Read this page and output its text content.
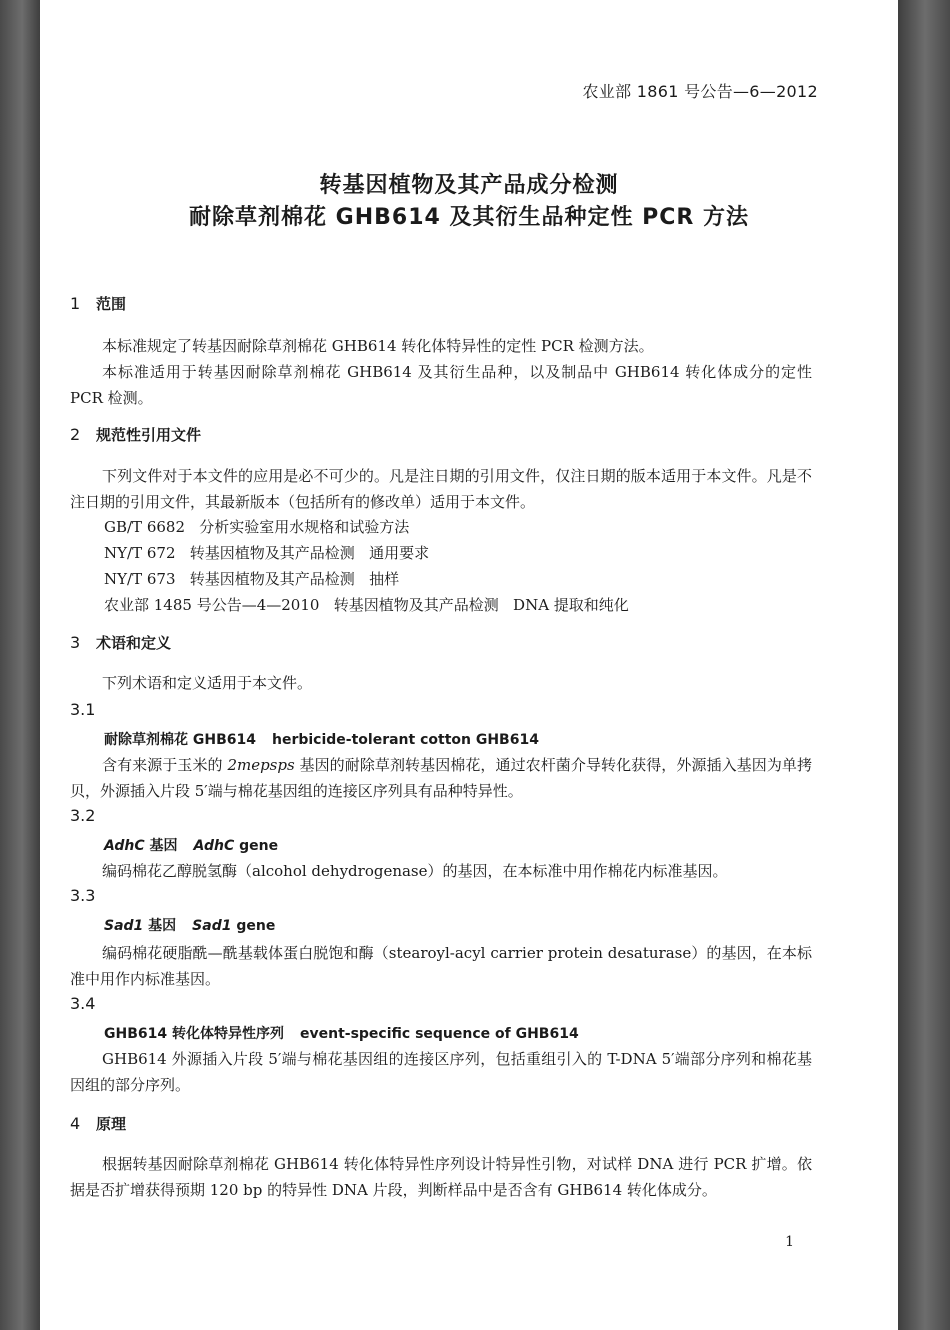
农业部 1861 号公告—6—2012
转基因植物及其产品成分检测
耐除草剂棉花 GHB614 及其衍生品种定性 PCR 方法
1 范围
本标准规定了转基因耐除草剂棉花 GHB614 转化体特异性的定性 PCR 检测方法。
本标准适用于转基因耐除草剂棉花 GHB614 及其衍生品种，以及制品中 GHB614 转化体成分的定性 PCR 检测。
2 规范性引用文件
下列文件对于本文件的应用是必不可少的。凡是注日期的引用文件，仅注日期的版本适用于本文件。凡是不注日期的引用文件，其最新版本（包括所有的修改单）适用于本文件。
GB/T 6682   分析实验室用水规格和试验方法
NY/T 672   转基因植物及其产品检测   通用要求
NY/T 673   转基因植物及其产品检测   抽样
农业部 1485 号公告—4—2010   转基因植物及其产品检测   DNA 提取和纯化
3 术语和定义
下列术语和定义适用于本文件。
3.1
耐除草剂棉花 GHB614 herbicide-tolerant cotton GHB614
含有来源于玉米的 2mepsps 基因的耐除草剂转基因棉花，通过农杆菌介导转化获得，外源插入基因为单拷贝，外源插入片段 5′端与棉花基因组的连接区序列具有品种特异性。
3.2
AdhC 基因 AdhC gene
编码棉花乙醇脱氢酶（alcohol dehydrogenase）的基因，在本标准中用作棉花内标准基因。
3.3
Sad1 基因 Sad1 gene
编码棉花硬脂酰—酰基载体蛋白脱饱和酶（stearoyl-acyl carrier protein desaturase）的基因，在本标准中用作内标准基因。
3.4
GHB614 转化体特异性序列 event-specific sequence of GHB614
GHB614 外源插入片段 5′端与棉花基因组的连接区序列，包括重组引入的 T-DNA 5′端部分序列和棉花基因组的部分序列。
4 原理
根据转基因耐除草剂棉花 GHB614 转化体特异性序列设计特异性引物，对试样 DNA 进行 PCR 扩增。依据是否扩增获得预期 120 bp 的特异性 DNA 片段，判断样品中是否含有 GHB614 转化体成分。
1
